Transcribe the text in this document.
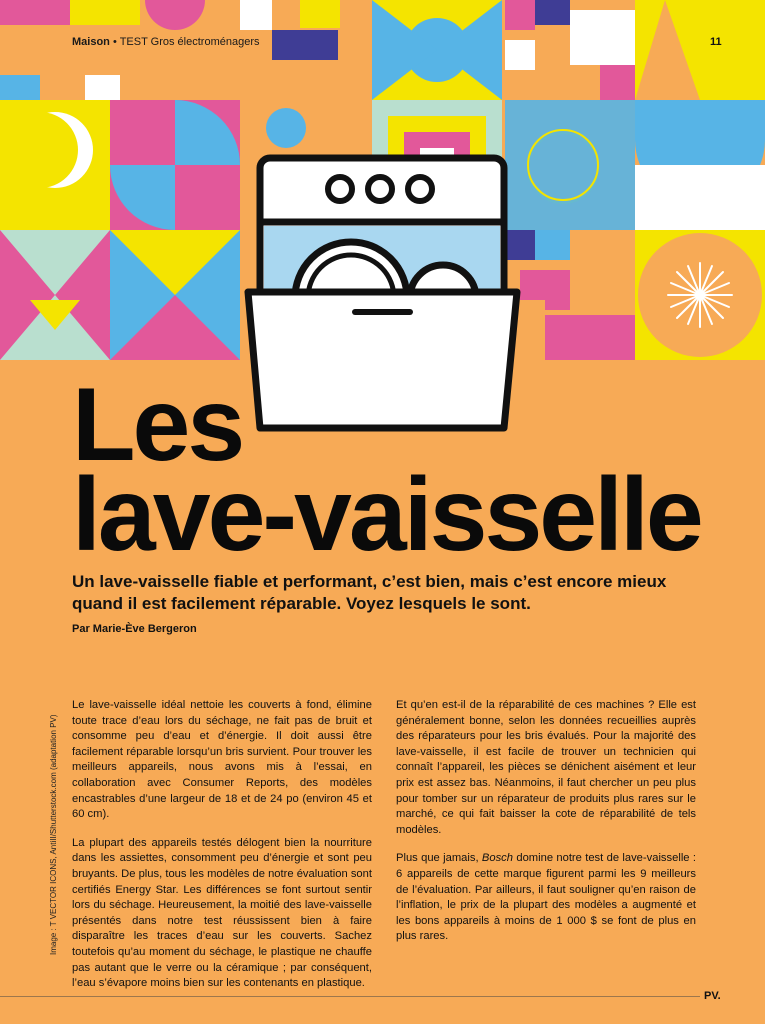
Maison • TEST Gros électroménagers	11
Les
lave-vaisselle
Un lave-vaisselle fiable et performant, c’est bien, mais c’est encore mieux quand il est facilement réparable. Voyez lesquels le sont.
Par Marie-Ève Bergeron

Le lave-vaisselle idéal nettoie les couverts à fond, élimine toute trace d’eau lors du séchage, ne fait pas de bruit et consomme peu d’eau et d’énergie. Il doit aussi être facilement réparable lorsqu’un bris survient. Pour trouver les meilleurs appareils, nous avons mis à l’essai, en collaboration avec Consumer Reports, des modèles encastrables d’une largeur de 18 et de 24 po (environ 45 et 60 cm).

La plupart des appareils testés délogent bien la nourriture dans les assiettes, consomment peu d’énergie et sont peu bruyants. De plus, tous les modèles de notre évaluation sont certifiés Energy Star. Les différences se font surtout sentir lors du séchage. Heureusement, la moitié des lave-vaisselle présentés dans notre test réussissent bien à faire disparaître les traces d’eau sur les couverts. Sachez toutefois qu’au moment du séchage, le plastique ne chauffe pas autant que le verre ou la céramique ; par conséquent, l’eau s’évapore moins bien sur les contenants en plastique.

Et qu’en est-il de la réparabilité de ces machines ? Elle est généralement bonne, selon les données recueillies auprès des réparateurs pour les bris évalués. Pour la majorité des lave-vaisselle, il est facile de trouver un technicien qui connaît l’appareil, les pièces se dénichent aisément et leur prix est assez bas. Néanmoins, il faut chercher un peu plus pour tomber sur un réparateur de produits plus rares sur le marché, ce qui fait baisser la cote de réparabilité de tels modèles.

Plus que jamais, Bosch domine notre test de lave-vaisselle : 6 appareils de cette marque figurent parmi les 9 meilleurs de l’évaluation. Par ailleurs, il faut souligner qu’en raison de l’inflation, le prix de la plupart des modèles a augmenté et les bons appareils à moins de 1 000 $ se font de plus en plus rares.

Image : T VECTOR ICONS, AntiII/Shutterstock.com (adaptation PV)
PV.
